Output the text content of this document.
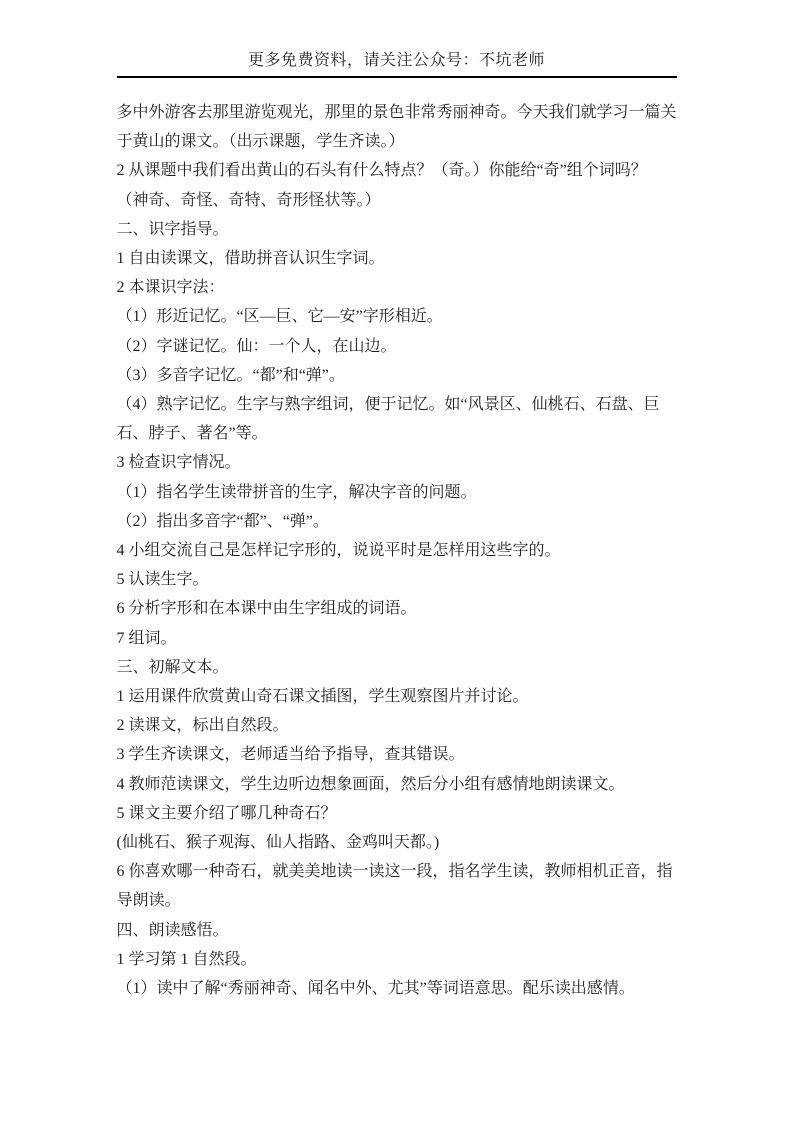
更多免费资料，请关注公众号：不坑老师

多中外游客去那里游览观光，那里的景色非常秀丽神奇。今天我们就学习一篇关

于黄山的课文。（出示课题，学生齐读。）

2 从课题中我们看出黄山的石头有什么特点？（奇。）你能给“奇”组个词吗？

（神奇、奇怪、奇特、奇形怪状等。）

二、识字指导。

1 自由读课文，借助拼音认识生字词。

2 本课识字法：

（1）形近记忆。“区—巨、它—安”字形相近。

（2）字谜记忆。仙：一个人，在山边。

（3）多音字记忆。“都”和“弹”。

（4）熟字记忆。生字与熟字组词，便于记忆。如“风景区、仙桃石、石盘、巨

石、脖子、著名”等。

3 检查识字情况。

（1）指名学生读带拼音的生字，解决字音的问题。

（2）指出多音字“都”、“弹”。

4 小组交流自己是怎样记字形的，说说平时是怎样用这些字的。

5 认读生字。

6 分析字形和在本课中由生字组成的词语。

7 组词。

三、初解文本。

1 运用课件欣赏黄山奇石课文插图，学生观察图片并讨论。

2 读课文，标出自然段。

3 学生齐读课文，老师适当给予指导，查其错误。

4 教师范读课文，学生边听边想象画面，然后分小组有感情地朗读课文。

5 课文主要介绍了哪几种奇石？

(仙桃石、猴子观海、仙人指路、金鸡叫天都。)

6 你喜欢哪一种奇石，就美美地读一读这一段，指名学生读，教师相机正音，指

导朗读。

四、朗读感悟。

1 学习第 1 自然段。

（1）读中了解“秀丽神奇、闻名中外、尤其”等词语意思。配乐读出感情。
